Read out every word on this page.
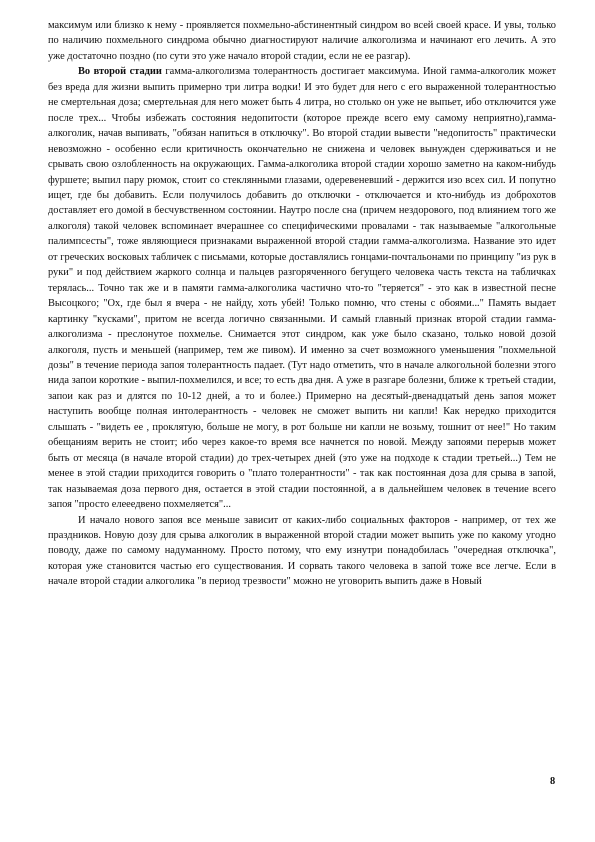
максимум или близко к нему - проявляется похмельно-абстинентный синдром во всей своей красе. И увы, только по наличию похмельного синдрома обычно диагностируют наличие алкоголизма и начинают его лечить. А это уже достаточно поздно (по сути это уже начало второй стадии, если не ее разгар).

Во второй стадии гамма-алкоголизма толерантность достигает максимума. Иной гамма-алкоголик может без вреда для жизни выпить примерно три литра водки! И это будет для него с его выраженной толерантностью не смертельная доза; смертельная для него может быть 4 литра, но столько он уже не выпьет, ибо отключится уже после трех... Чтобы избежать состояния недопитости (которое прежде всего ему самому неприятно),гамма-алкоголик, начав выпивать, "обязан напиться в отключку". Во второй стадии вывести "недопитость" практически невозможно - особенно если критичность окончательно не снижена и человек вынужден сдерживаться и не срывать свою озлобленность на окружающих. Гамма-алкоголика второй стадии хорошо заметно на каком-нибудь фуршете; выпил пару рюмок, стоит со стеклянными глазами, одеревеневший - держится изо всех сил. И попутно ищет, где бы добавить. Если получилось добавить до отключки - отключается и кто-нибудь из доброхотов доставляет его домой в бесчувственном состоянии. Наутро после сна (причем нездорового, под влиянием того же алкоголя) такой человек вспоминает вчерашнее со специфическими провалами - так называемые "алкогольные палимпсесты", тоже являющиеся признаками выраженной второй стадии гамма-алкоголизма. Название это идет от греческих восковых табличек с письмами, которые доставлялись гонцами-почтальонами по принципу "из рук в руки" и под действием жаркого солнца и пальцев разгоряченного бегущего человека часть текста на табличках терялась... Точно так же и в памяти гамма-алкоголика частично что-то "теряется" - это как в известной песне Высоцкого; "Ох, где был я вчера - не найду, хоть убей! Только помню, что стены с обоями..." Память выдает картинку "кусками", притом не всегда логично связанными. И самый главный признак второй стадии гамма-алкоголизма - преслонутое похмелье. Снимается этот синдром, как уже было сказано, только новой дозой алкоголя, пусть и меньшей (например, тем же пивом). И именно за счет возможного уменьшения "похмельной дозы" в течение периода запоя толерантность падает. (Тут надо отметить, что в начале алкогольной болезни этого нида запои короткие - выпил-похмелился, и все; то есть два дня. А уже в разгаре болезни, ближе к третьей стадии, запои как раз и длятся по 10-12 дней, а то и более.) Примерно на десятый-двенадцатый день запоя может наступить вообще полная интолерантность - человек не сможет выпить ни капли! Как нередко приходится слышать - "видеть ее , проклятую, больше не могу, в рот больше ни капли не возьму, тошнит от нее!" Но таким обещаниям верить не стоит; ибо через какое-то время все начнется по новой. Между запоями перерыв может быть от месяца (в начале второй стадии) до трех-четырех дней (это уже на подходе к стадии третьей...) Тем не менее в этой стадии приходится говорить о "плато толерантности" - так как постоянная доза для срыва в запой, так называемая доза первого дня, остается в этой стадии постоянной, а в дальнейшем человек в течение всего запоя "просто елееедвено похмеляется"...

И начало нового запоя все меньше зависит от каких-либо социальных факторов - например, от тех же праздников. Новую дозу для срыва алкоголик в выраженной второй стадии может выпить уже по какому угодно поводу, даже по самому надуманному. Просто потому, что ему изнутри понадобилась "очередная отключка", которая уже становится частью его существования. И сорвать такого человека в запой тоже все легче. Если в начале второй стадии алкоголика "в период трезвости" можно не уговорить выпить даже в Новый

8
